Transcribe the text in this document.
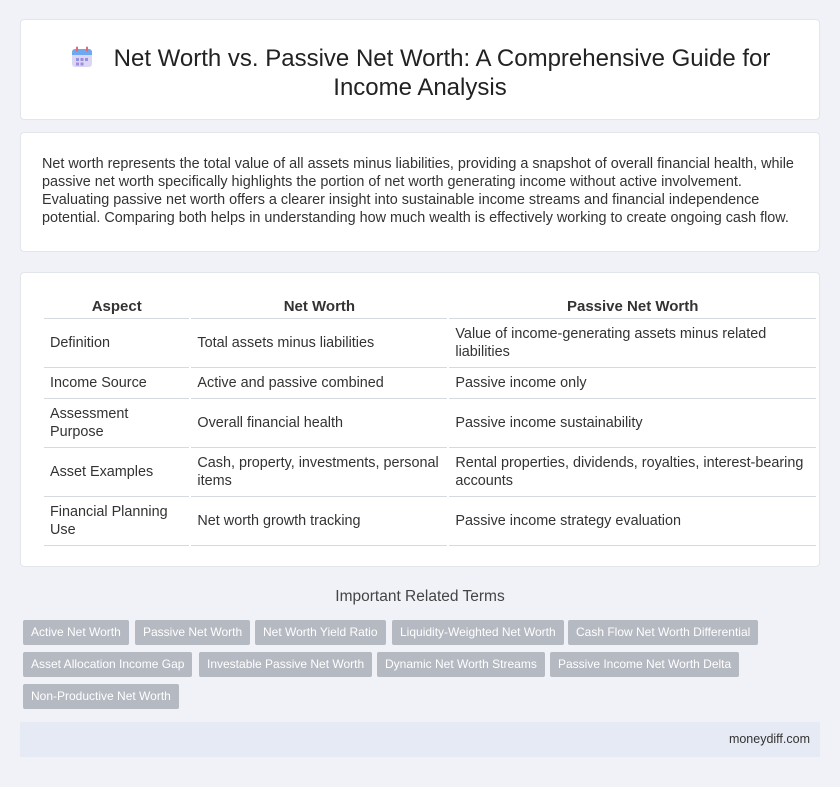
Net Worth vs. Passive Net Worth: A Comprehensive Guide for Income Analysis

Net worth represents the total value of all assets minus liabilities, providing a snapshot of overall financial health, while passive net worth specifically highlights the portion of net worth generating income without active involvement. Evaluating passive net worth offers a clearer insight into sustainable income streams and financial independence potential. Comparing both helps in understanding how much wealth is effectively working to create ongoing cash flow.

Aspect	Net Worth	Passive Net Worth
Definition	Total assets minus liabilities	Value of income-generating assets minus related liabilities
Income Source	Active and passive combined	Passive income only
Assessment Purpose	Overall financial health	Passive income sustainability
Asset Examples	Cash, property, investments, personal items	Rental properties, dividends, royalties, interest-bearing accounts
Financial Planning Use	Net worth growth tracking	Passive income strategy evaluation
Important Related Terms
Active Net Worth	Passive Net Worth	Net Worth Yield Ratio	Liquidity-Weighted Net Worth	Cash Flow Net Worth Differential
Asset Allocation Income Gap	Investable Passive Net Worth	Dynamic Net Worth Streams	Passive Income Net Worth Delta
Non-Productive Net Worth
moneydiff.com
